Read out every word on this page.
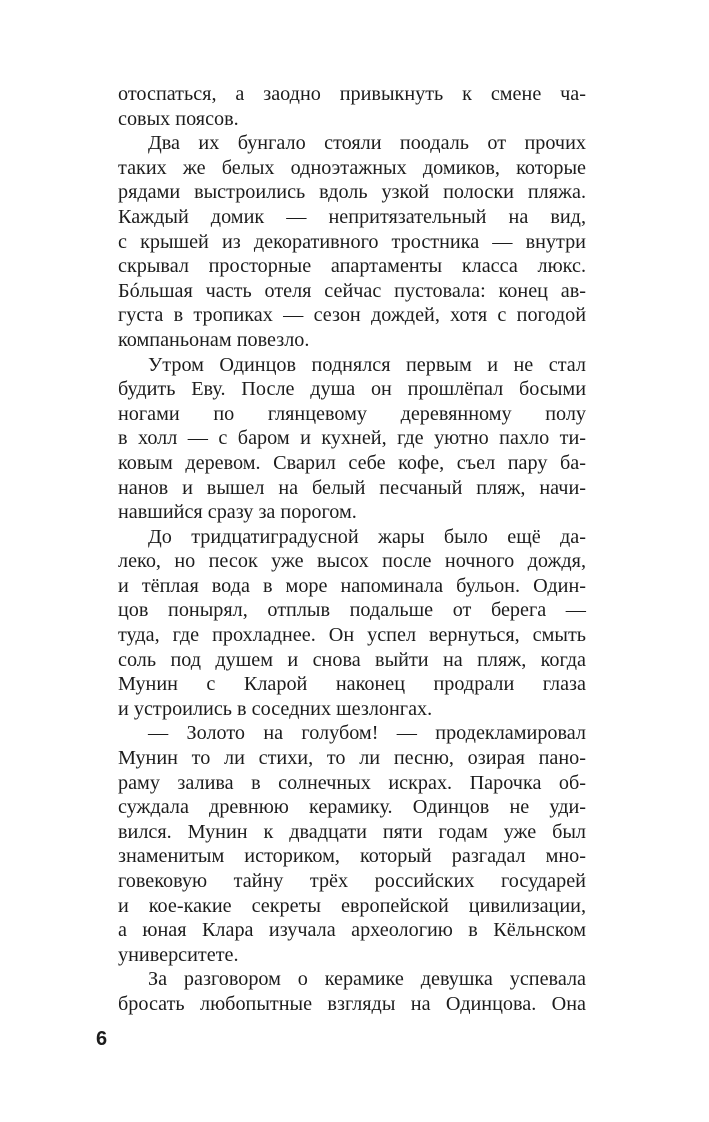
отоспаться, а заодно привыкнуть к смене ча-
совых поясов.
Два их бунгало стояли поодаль от прочих
таких же белых одноэтажных домиков, которые
рядами выстроились вдоль узкой полоски пляжа.
Каждый домик — непритязательный на вид,
с крышей из декоративного тростника — внутри
скрывал просторные апартаменты класса люкс.
Бóльшая часть отеля сейчас пустовала: конец ав-
густа в тропиках — сезон дождей, хотя с погодой
компаньонам повезло.
Утром Одинцов поднялся первым и не стал
будить Еву. После душа он прошлёпал босыми
ногами по глянцевому деревянному полу
в холл — с баром и кухней, где уютно пахло ти-
ковым деревом. Сварил себе кофе, съел пару ба-
нанов и вышел на белый песчаный пляж, начи-
навшийся сразу за порогом.
До тридцатиградусной жары было ещё да-
леко, но песок уже высох после ночного дождя,
и тёплая вода в море напоминала бульон. Один-
цов понырял, отплыв подальше от берега —
туда, где прохладнее. Он успел вернуться, смыть
соль под душем и снова выйти на пляж, когда
Мунин с Кларой наконец продрали глаза
и устроились в соседних шезлонгах.
— Золото на голубом! — продекламировал
Мунин то ли стихи, то ли песню, озирая пано-
раму залива в солнечных искрах. Парочка об-
суждала древнюю керамику. Одинцов не уди-
вился. Мунин к двадцати пяти годам уже был
знаменитым историком, который разгадал мно-
говековую тайну трёх российских государей
и кое-какие секреты европейской цивилизации,
а юная Клара изучала археологию в Кёльнском
университете.
За разговором о керамике девушка успевала
бросать любопытные взгляды на Одинцова. Она
6
